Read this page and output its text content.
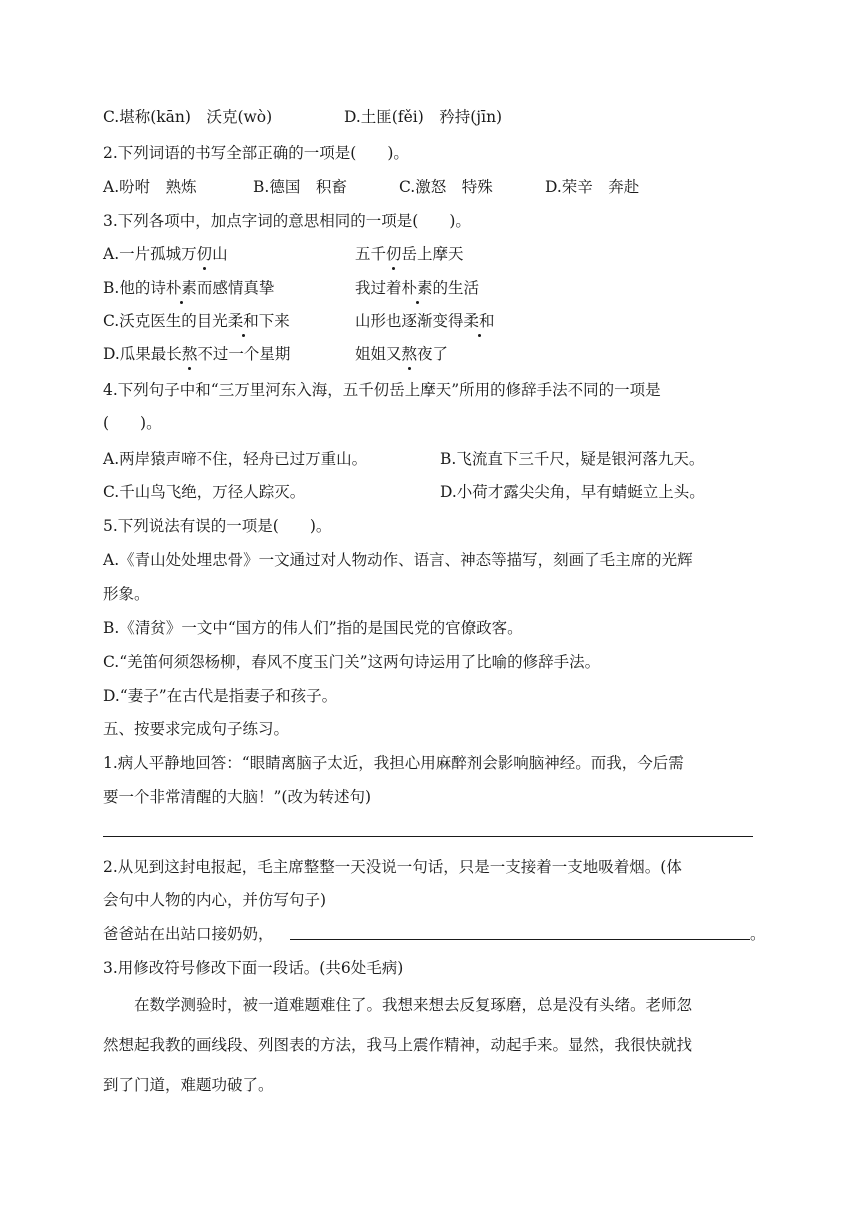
C.堪称(kān)　沃克(wò)	D.土匪(fěi)　矜持(jīn)
2.下列词语的书写全部正确的一项是(　　)。
A.吩咐　熟炼	B.德国　积畜	C.激怒　特殊	D.荣辛　奔赴
3.下列各项中，加点字词的意思相同的一项是(　　)。
A.一片孤城万仞山	五千仞岳上摩天
B.他的诗朴素而感情真挚	我过着朴素的生活
C.沃克医生的目光柔和下来	山形也逐渐变得柔和
D.瓜果最长熬不过一个星期	姐姐又熬夜了
4.下列句子中和“三万里河东入海，五千仞岳上摩天”所用的修辞手法不同的一项是
(　　)。
A.两岸猿声啼不住，轻舟已过万重山。	B.飞流直下三千尺，疑是银河落九天。
C.千山鸟飞绝，万径人踪灭。	D.小荷才露尖尖角，早有蜻蜓立上头。
5.下列说法有误的一项是(　　)。
A.《青山处处埋忠骨》一文通过对人物动作、语言、神态等描写，刻画了毛主席的光辉
形象。
B.《清贫》一文中“国方的伟人们”指的是国民党的官僚政客。
C.“羌笛何须怨杨柳，春风不度玉门关”这两句诗运用了比喻的修辞手法。
D.“妻子”在古代是指妻子和孩子。
五、按要求完成句子练习。
1.病人平静地回答：“眼睛离脑子太近，我担心用麻醉剂会影响脑神经。而我，今后需
要一个非常清醒的大脑！”(改为转述句)
2.从见到这封电报起，毛主席整整一天没说一句话，只是一支接着一支地吸着烟。(体
会句中人物的内心，并仿写句子)
爸爸站在出站口接奶奶，	。
3.用修改符号修改下面一段话。(共6处毛病)
　　在数学测验时，被一道难题难住了。我想来想去反复琢磨，总是没有头绪。老师忽
然想起我教的画线段、列图表的方法，我马上震作精神，动起手来。显然，我很快就找
到了门道，难题功破了。
